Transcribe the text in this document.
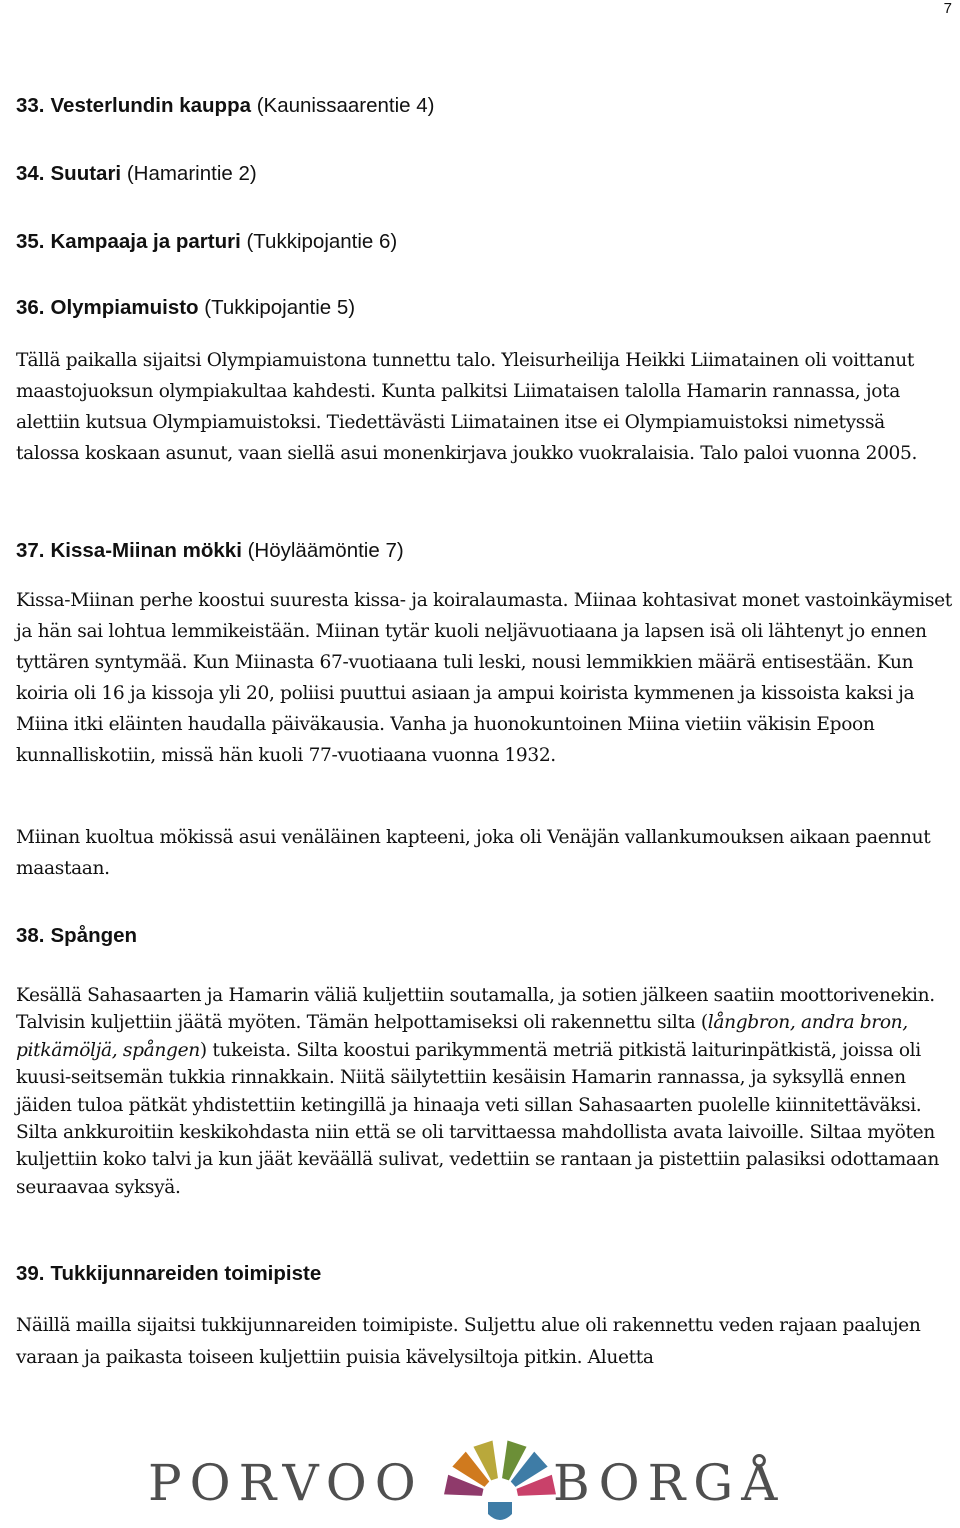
7
33. Vesterlundin kauppa (Kaunissaarentie 4)
34. Suutari (Hamarintie 2)
35. Kampaaja ja parturi (Tukkipojantie 6)
36. Olympiamuisto (Tukkipojantie 5)

Tällä paikalla sijaitsi Olympiamuistona tunnettu talo. Yleisurheilija Heikki Liimatainen oli voittanut maastojuoksun olympiakultaa kahdesti. Kunta palkitsi Liimataisen talolla Hamarin rannassa, jota alettiin kutsua Olympiamuistoksi. Tiedettävästi Liimatainen itse ei Olympiamuistoksi nimetyssä talossa koskaan asunut, vaan siellä asui monenkirjava joukko vuokralaisia. Talo paloi vuonna 2005.

37. Kissa-Miinan mökki (Höyläämöntie 7)

Kissa-Miinan perhe koostui suuresta kissa- ja koiralaumasta. Miinaa kohtasivat monet vastoinkäymiset ja hän sai lohtua lemmikeistään. Miinan tytär kuoli neljävuotiaana ja lapsen isä oli lähtenyt jo ennen tyttären syntymää. Kun Miinasta 67-vuotiaana tuli leski, nousi lemmikkien määrä entisestään. Kun koiria oli 16 ja kissoja yli 20, poliisi puuttui asiaan ja ampui koirista kymmenen ja kissoista kaksi ja Miina itki eläinten haudalla päiväkausia. Vanha ja huonokuntoinen Miina vietiin väkisin Epoon kunnalliskotiin, missä hän kuoli 77-vuotiaana vuonna 1932.

Miinan kuoltua mökissä asui venäläinen kapteeni, joka oli Venäjän vallankumouksen aikaan paennut maastaan.

38. Spången

Kesällä Sahasaarten ja Hamarin väliä kuljettiin soutamalla, ja sotien jälkeen saatiin moottorivenekin. Talvisin kuljettiin jäätä myöten. Tämän helpottamiseksi oli rakennettu silta (långbron, andra bron, pitkämöljä, spången) tukeista. Silta koostui parikymmentä metriä pitkistä laiturinpätkistä, joissa oli kuusi-seitsemän tukkia rinnakkain. Niitä säilytettiin kesäisin Hamarin rannassa, ja syksyllä ennen jäiden tuloa pätkät yhdistettiin ketingillä ja hinaaja veti sillan Sahasaarten puolelle kiinnitettäväksi. Silta ankkuroitiin keskikohdasta niin että se oli tarvittaessa mahdollista avata laivoille. Siltaa myöten kuljettiin koko talvi ja kun jäät keväällä sulivat, vedettiin se rantaan ja pistettiin palasiksi odottamaan seuraavaa syksyä.

39. Tukkijunnareiden toimipiste

Näillä mailla sijaitsi tukkijunnareiden toimipiste. Suljettu alue oli rakennettu veden rajaan paalujen varaan ja paikasta toiseen kuljettiin puisia kävelysiltoja pitkin. Aluetta

PORVOO	BORGÅ
